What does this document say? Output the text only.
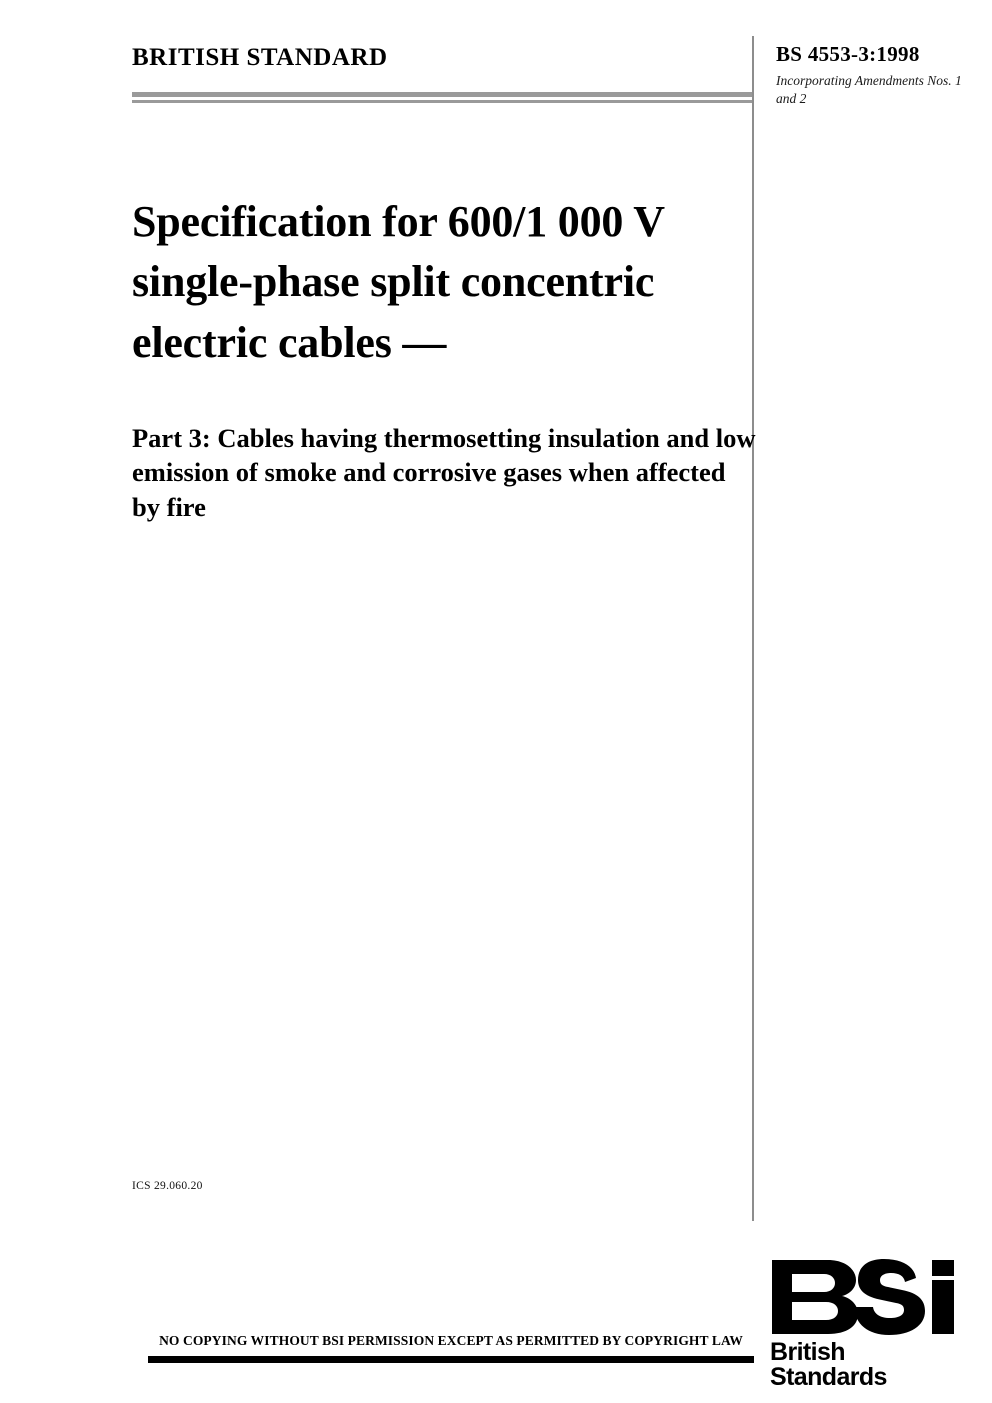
BRITISH STANDARD	BS 4553-3:1998
Incorporating Amendments Nos. 1 and 2
Specification for 600/1 000 V single-phase split concentric electric cables —
Part 3: Cables having thermosetting insulation and low emission of smoke and corrosive gases when affected by fire
ICS 29.060.20
NO COPYING WITHOUT BSI PERMISSION EXCEPT AS PERMITTED BY COPYRIGHT LAW	British Standards
